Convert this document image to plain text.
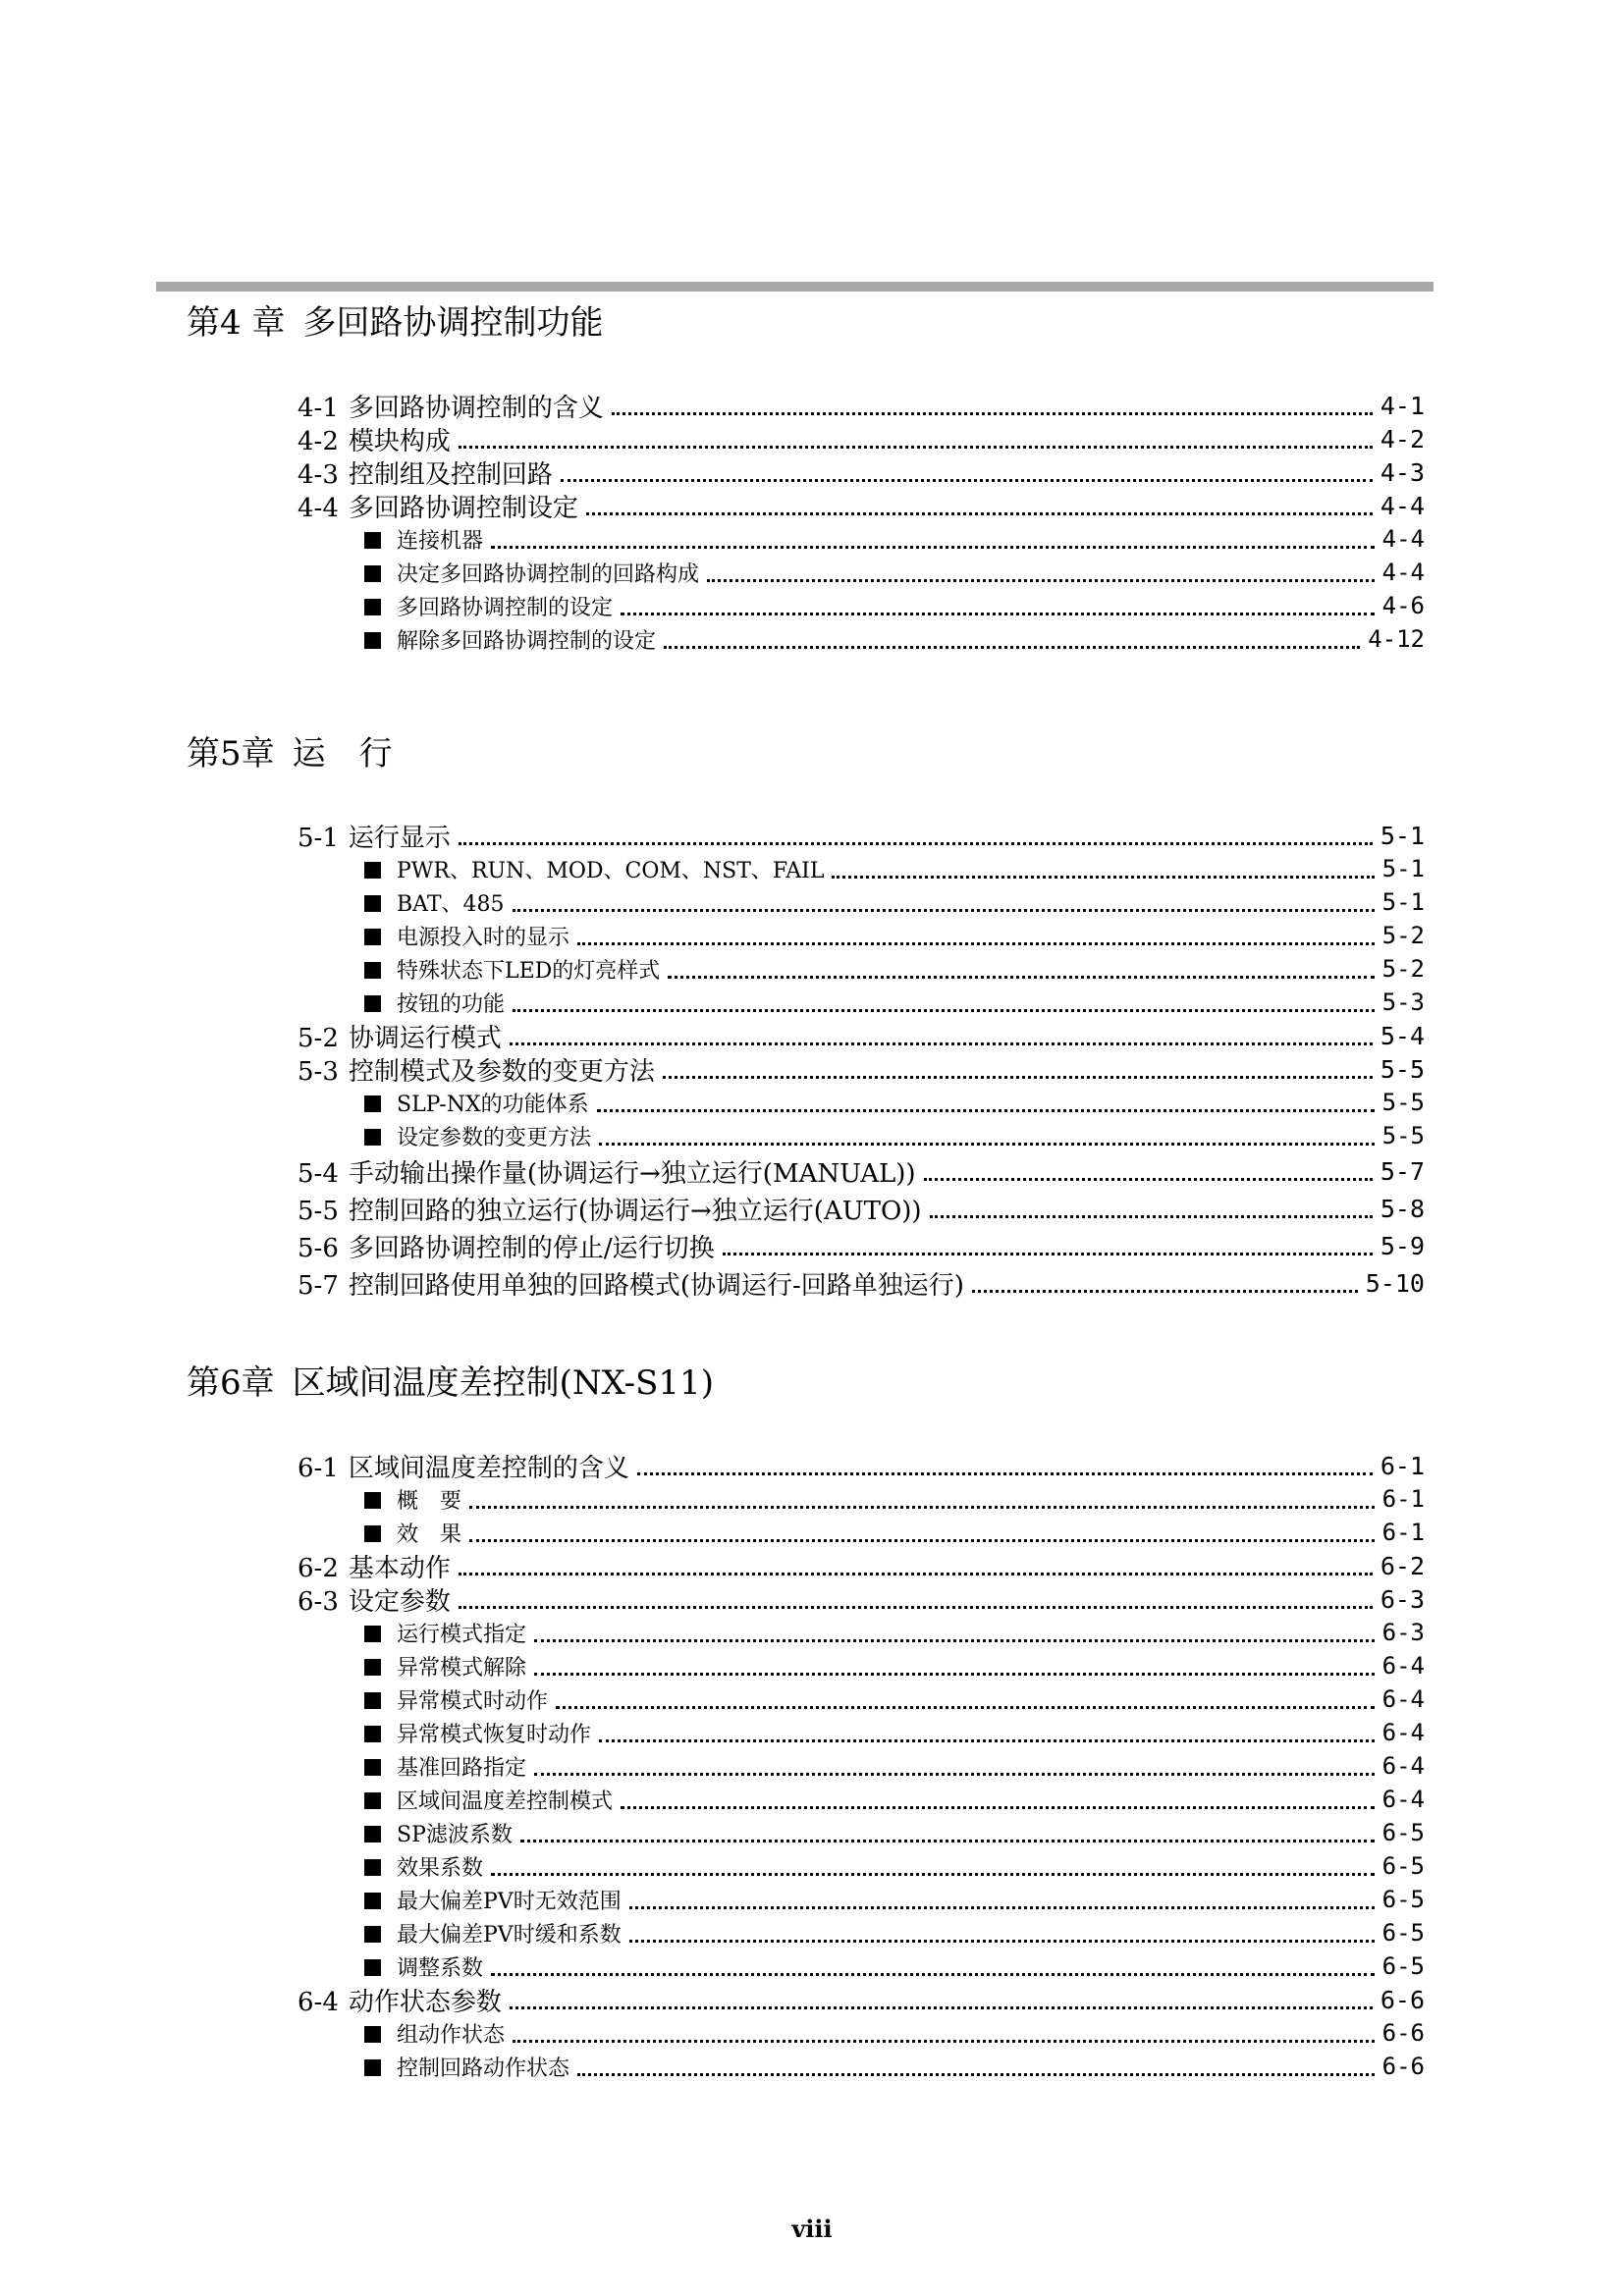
第4 章 多回路协调控制功能
4-1 多回路协调控制的含义	4-1
4-2 模块构成	4-2
4-3 控制组及控制回路	4-3
4-4 多回路协调控制设定	4-4
连接机器	4-4
决定多回路协调控制的回路构成	4-4
多回路协调控制的设定	4-6
解除多回路协调控制的设定	4-12
第5章 运　行
5-1 运行显示	5-1
PWR、RUN、MOD、COM、NST、FAIL	5-1
BAT、485	5-1
电源投入时的显示	5-2
特殊状态下LED的灯亮样式	5-2
按钮的功能	5-3
5-2 协调运行模式	5-4
5-3 控制模式及参数的变更方法	5-5
SLP-NX的功能体系	5-5
设定参数的变更方法	5-5
5-4 手动输出操作量(协调运行→独立运行(MANUAL))	5-7
5-5 控制回路的独立运行(协调运行→独立运行(AUTO))	5-8
5-6 多回路协调控制的停止/运行切换	5-9
5-7 控制回路使用单独的回路模式(协调运行-回路单独运行)	5-10
第6章 区域间温度差控制(NX-S11)
6-1 区域间温度差控制的含义	6-1
概　要	6-1
效　果	6-1
6-2 基本动作	6-2
6-3 设定参数	6-3
运行模式指定	6-3
异常模式解除	6-4
异常模式时动作	6-4
异常模式恢复时动作	6-4
基准回路指定	6-4
区域间温度差控制模式	6-4
SP滤波系数	6-5
效果系数	6-5
最大偏差PV时无效范围	6-5
最大偏差PV时缓和系数	6-5
调整系数	6-5
6-4 动作状态参数	6-6
组动作状态	6-6
控制回路动作状态	6-6
viii
